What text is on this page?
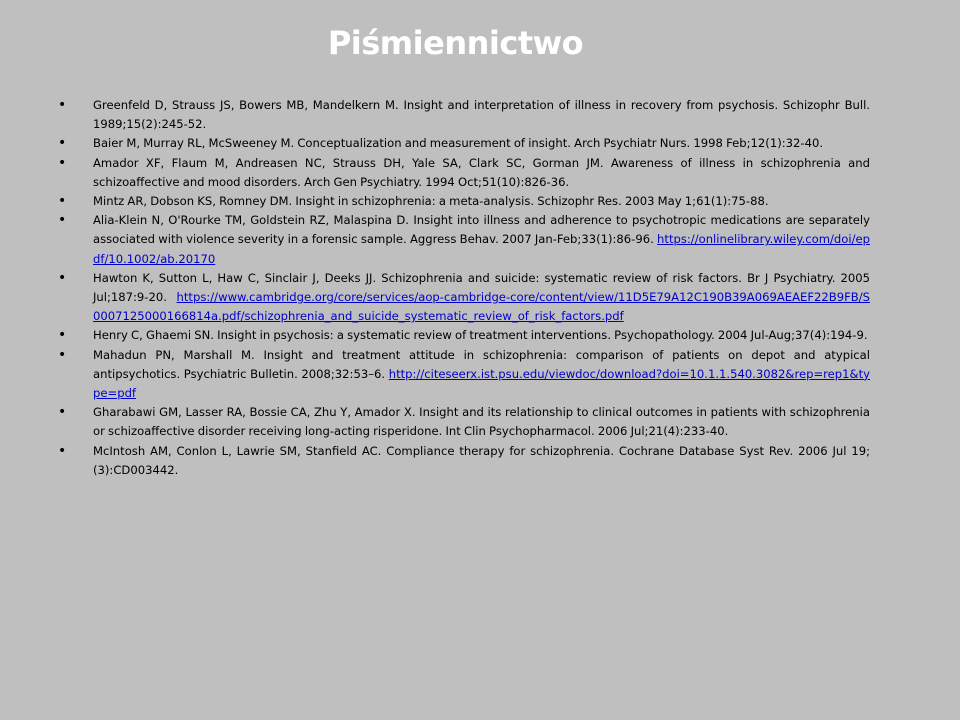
Piśmiennictwo
• Greenfeld D, Strauss JS, Bowers MB, Mandelkern M. Insight and interpretation of illness in recovery from psychosis. Schizophr Bull. 1989;15(2):245-52.
• Baier M, Murray RL, McSweeney M. Conceptualization and measurement of insight. Arch Psychiatr Nurs. 1998 Feb;12(1):32-40.
• Amador XF, Flaum M, Andreasen NC, Strauss DH, Yale SA, Clark SC, Gorman JM. Awareness of illness in schizophrenia and schizoaffective and mood disorders. Arch Gen Psychiatry. 1994 Oct;51(10):826-36.
• Mintz AR, Dobson KS, Romney DM. Insight in schizophrenia: a meta-analysis. Schizophr Res. 2003 May 1;61(1):75-88.
• Alia-Klein N, O'Rourke TM, Goldstein RZ, Malaspina D. Insight into illness and adherence to psychotropic medications are separately associated with violence severity in a forensic sample. Aggress Behav. 2007 Jan-Feb;33(1):86-96. https://onlinelibrary.wiley.com/doi/epdf/10.1002/ab.20170
• Hawton K, Sutton L, Haw C, Sinclair J, Deeks JJ. Schizophrenia and suicide: systematic review of risk factors. Br J Psychiatry. 2005 Jul;187:9-20. https://www.cambridge.org/core/services/aop-cambridge-core/content/view/11D5E79A12C190B39A069AEAEF22B9FB/S0007125000166814a.pdf/schizophrenia_and_suicide_systematic_review_of_risk_factors.pdf
• Henry C, Ghaemi SN. Insight in psychosis: a systematic review of treatment interventions. Psychopathology. 2004 Jul-Aug;37(4):194-9.
• Mahadun PN, Marshall M. Insight and treatment attitude in schizophrenia: comparison of patients on depot and atypical antipsychotics. Psychiatric Bulletin. 2008;32:53–6. http://citeseerx.ist.psu.edu/viewdoc/download?doi=10.1.1.540.3082&rep=rep1&type=pdf
• Gharabawi GM, Lasser RA, Bossie CA, Zhu Y, Amador X. Insight and its relationship to clinical outcomes in patients with schizophrenia or schizoaffective disorder receiving long-acting risperidone. Int Clin Psychopharmacol. 2006 Jul;21(4):233-40.
• McIntosh AM, Conlon L, Lawrie SM, Stanfield AC. Compliance therapy for schizophrenia. Cochrane Database Syst Rev. 2006 Jul 19;(3):CD003442.
